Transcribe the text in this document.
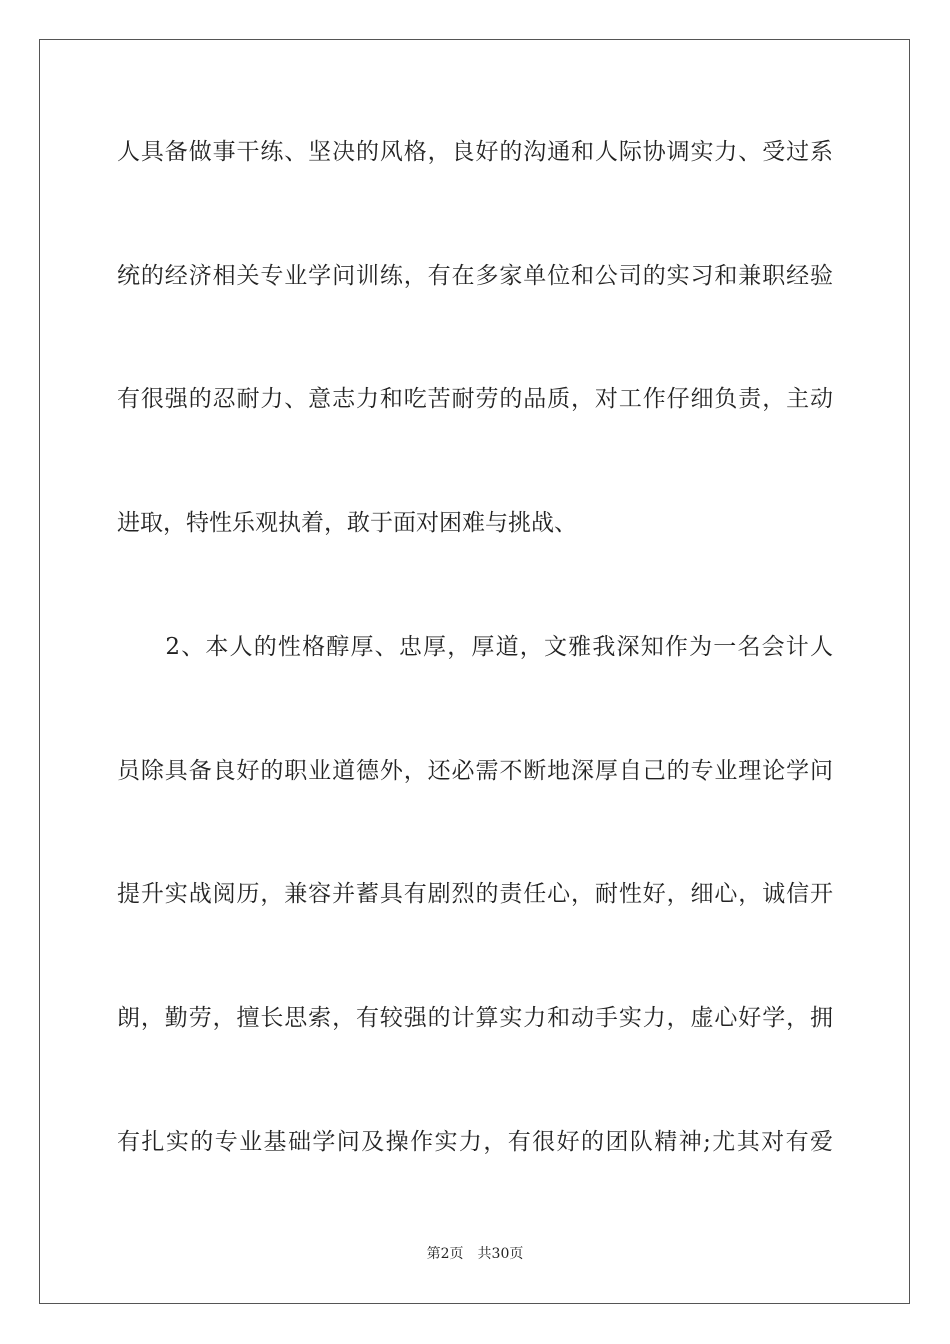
人具备做事干练、坚决的风格，良好的沟通和人际协调实力、受过系
统的经济相关专业学问训练，有在多家单位和公司的实习和兼职经验
有很强的忍耐力、意志力和吃苦耐劳的品质，对工作仔细负责，主动
进取，特性乐观执着，敢于面对困难与挑战、
　　2、本人的性格醇厚、忠厚，厚道，文雅我深知作为一名会计人
员除具备良好的职业道德外，还必需不断地深厚自己的专业理论学问
提升实战阅历，兼容并蓄具有剧烈的责任心，耐性好，细心，诚信开
朗，勤劳，擅长思索，有较强的计算实力和动手实力，虚心好学，拥
有扎实的专业基础学问及操作实力，有很好的团队精神;尤其对有爱
第2页 共30页
